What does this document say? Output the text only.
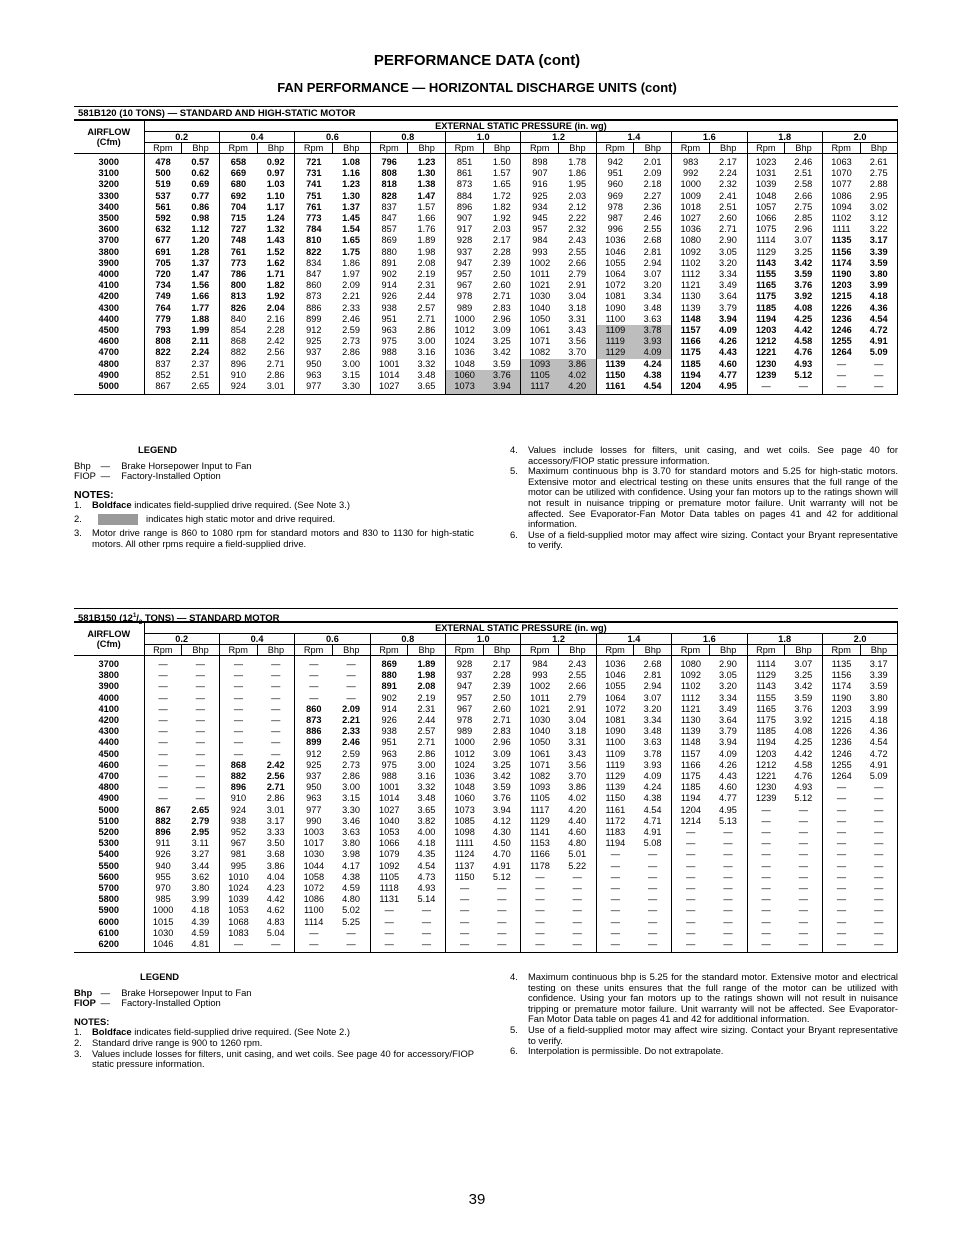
PERFORMANCE DATA (cont)
FAN PERFORMANCE — HORIZONTAL DISCHARGE UNITS (cont)
581B120 (10 TONS) — STANDARD AND HIGH-STATIC MOTOR
AIRFLOW
(Cfm)	EXTERNAL STATIC PRESSURE (in. wg)																			
	0.2		0.4		0.6		0.8		1.0		1.2		1.4		1.6		1.8		2.0	
	Rpm	Bhp	Rpm	Bhp	Rpm	Bhp	Rpm	Bhp	Rpm	Bhp	Rpm	Bhp	Rpm	Bhp	Rpm	Bhp	Rpm	Bhp	Rpm	Bhp
3000	478	0.57	658	0.92	721	1.08	796	1.23	851	1.50	898	1.78	942	2.01	983	2.17	1023	2.46	1063	2.61
3100	500	0.62	669	0.97	731	1.16	808	1.30	861	1.57	907	1.86	951	2.09	992	2.24	1031	2.51	1070	2.75
3200	519	0.69	680	1.03	741	1.23	818	1.38	873	1.65	916	1.95	960	2.18	1000	2.32	1039	2.58	1077	2.88
3300	537	0.77	692	1.10	751	1.30	828	1.47	884	1.72	925	2.03	969	2.27	1009	2.41	1048	2.66	1086	2.95
3400	561	0.86	704	1.17	761	1.37	837	1.57	896	1.82	934	2.12	978	2.36	1018	2.51	1057	2.75	1094	3.02
3500	592	0.98	715	1.24	773	1.45	847	1.66	907	1.92	945	2.22	987	2.46	1027	2.60	1066	2.85	1102	3.12
3600	632	1.12	727	1.32	784	1.54	857	1.76	917	2.03	957	2.32	996	2.55	1036	2.71	1075	2.96	1111	3.22
3700	677	1.20	748	1.43	810	1.65	869	1.89	928	2.17	984	2.43	1036	2.68	1080	2.90	1114	3.07	1135	3.17
3800	691	1.28	761	1.52	822	1.75	880	1.98	937	2.28	993	2.55	1046	2.81	1092	3.05	1129	3.25	1156	3.39
3900	705	1.37	773	1.62	834	1.86	891	2.08	947	2.39	1002	2.66	1055	2.94	1102	3.20	1143	3.42	1174	3.59
4000	720	1.47	786	1.71	847	1.97	902	2.19	957	2.50	1011	2.79	1064	3.07	1112	3.34	1155	3.59	1190	3.80
4100	734	1.56	800	1.82	860	2.09	914	2.31	967	2.60	1021	2.91	1072	3.20	1121	3.49	1165	3.76	1203	3.99
4200	749	1.66	813	1.92	873	2.21	926	2.44	978	2.71	1030	3.04	1081	3.34	1130	3.64	1175	3.92	1215	4.18
4300	764	1.77	826	2.04	886	2.33	938	2.57	989	2.83	1040	3.18	1090	3.48	1139	3.79	1185	4.08	1226	4.36
4400	779	1.88	840	2.16	899	2.46	951	2.71	1000	2.96	1050	3.31	1100	3.63	1148	3.94	1194	4.25	1236	4.54
4500	793	1.99	854	2.28	912	2.59	963	2.86	1012	3.09	1061	3.43	1109	3.78	1157	4.09	1203	4.42	1246	4.72
4600	808	2.11	868	2.42	925	2.73	975	3.00	1024	3.25	1071	3.56	1119	3.93	1166	4.26	1212	4.58	1255	4.91
4700	822	2.24	882	2.56	937	2.86	988	3.16	1036	3.42	1082	3.70	1129	4.09	1175	4.43	1221	4.76	1264	5.09
4800	837	2.37	896	2.71	950	3.00	1001	3.32	1048	3.59	1093	3.86	1139	4.24	1185	4.60	1230	4.93	—	—
4900	852	2.51	910	2.86	963	3.15	1014	3.48	1060	3.76	1105	4.02	1150	4.38	1194	4.77	1239	5.12	—	—
5000	867	2.65	924	3.01	977	3.30	1027	3.65	1073	3.94	1117	4.20	1161	4.54	1204	4.95	—	—	—	—
LEGEND
Bhp — Brake Horsepower Input to Fan
FIOP — Factory-Installed Option
NOTES:
1.	Boldface indicates field-supplied drive required. (See Note 3.)
2.	indicates high static motor and drive required.
3.	Motor drive range is 860 to 1080 rpm for standard motors and 830 to 1130 for high-static motors. All other rpms require a field-supplied drive.
4.	Values include losses for filters, unit casing, and wet coils. See page 40 for accessory/FIOP static pressure information.
5.	Maximum continuous bhp is 3.70 for standard motors and 5.25 for high-static motors. Extensive motor and electrical testing on these units ensures that the full range of the motor can be utilized with confidence. Using your fan motors up to the ratings shown will not result in nuisance tripping or premature motor failure. Unit warranty will not be affected. See Evaporator-Fan Motor Data tables on pages 41 and 42 for additional information.
6.	Use of a field-supplied motor may affect wire sizing. Contact your Bryant representative to verify.
581B150 ($12^1/_2$ TONS) — STANDARD MOTOR
AIRFLOW
(Cfm)	EXTERNAL STATIC PRESSURE (in. wg)																			
	0.2		0.4		0.6		0.8		1.0		1.2		1.4		1.6		1.8		2.0	
	Rpm	Bhp	Rpm	Bhp	Rpm	Bhp	Rpm	Bhp	Rpm	Bhp	Rpm	Bhp	Rpm	Bhp	Rpm	Bhp	Rpm	Bhp	Rpm	Bhp
3700	—	—	—	—	—	—	869	1.89	928	2.17	984	2.43	1036	2.68	1080	2.90	1114	3.07	1135	3.17
3800	—	—	—	—	—	—	880	1.98	937	2.28	993	2.55	1046	2.81	1092	3.05	1129	3.25	1156	3.39
3900	—	—	—	—	—	—	891	2.08	947	2.39	1002	2.66	1055	2.94	1102	3.20	1143	3.42	1174	3.59
4000	—	—	—	—	—	—	902	2.19	957	2.50	1011	2.79	1064	3.07	1112	3.34	1155	3.59	1190	3.80
4100	—	—	—	—	860	2.09	914	2.31	967	2.60	1021	2.91	1072	3.20	1121	3.49	1165	3.76	1203	3.99
4200	—	—	—	—	873	2.21	926	2.44	978	2.71	1030	3.04	1081	3.34	1130	3.64	1175	3.92	1215	4.18
4300	—	—	—	—	886	2.33	938	2.57	989	2.83	1040	3.18	1090	3.48	1139	3.79	1185	4.08	1226	4.36
4400	—	—	—	—	899	2.46	951	2.71	1000	2.96	1050	3.31	1100	3.63	1148	3.94	1194	4.25	1236	4.54
4500	—	—	—	—	912	2.59	963	2.86	1012	3.09	1061	3.43	1109	3.78	1157	4.09	1203	4.42	1246	4.72
4600	—	—	868	2.42	925	2.73	975	3.00	1024	3.25	1071	3.56	1119	3.93	1166	4.26	1212	4.58	1255	4.91
4700	—	—	882	2.56	937	2.86	988	3.16	1036	3.42	1082	3.70	1129	4.09	1175	4.43	1221	4.76	1264	5.09
4800	—	—	896	2.71	950	3.00	1001	3.32	1048	3.59	1093	3.86	1139	4.24	1185	4.60	1230	4.93	—	—
4900	—	—	910	2.86	963	3.15	1014	3.48	1060	3.76	1105	4.02	1150	4.38	1194	4.77	1239	5.12	—	—
5000	867	2.65	924	3.01	977	3.30	1027	3.65	1073	3.94	1117	4.20	1161	4.54	1204	4.95	—	—	—	—
5100	882	2.79	938	3.17	990	3.46	1040	3.82	1085	4.12	1129	4.40	1172	4.71	1214	5.13	—	—	—	—
5200	896	2.95	952	3.33	1003	3.63	1053	4.00	1098	4.30	1141	4.60	1183	4.91	—	—	—	—	—	—
5300	911	3.11	967	3.50	1017	3.80	1066	4.18	1111	4.50	1153	4.80	1194	5.08	—	—	—	—	—	—
5400	926	3.27	981	3.68	1030	3.98	1079	4.35	1124	4.70	1166	5.01	—	—	—	—	—	—	—	—
5500	940	3.44	995	3.86	1044	4.17	1092	4.54	1137	4.91	1178	5.22	—	—	—	—	—	—	—	—
5600	955	3.62	1010	4.04	1058	4.38	1105	4.73	1150	5.12	—	—	—	—	—	—	—	—	—	—
5700	970	3.80	1024	4.23	1072	4.59	1118	4.93	—	—	—	—	—	—	—	—	—	—	—	—
5800	985	3.99	1039	4.42	1086	4.80	1131	5.14	—	—	—	—	—	—	—	—	—	—	—	—
5900	1000	4.18	1053	4.62	1100	5.02	—	—	—	—	—	—	—	—	—	—	—	—	—	—
6000	1015	4.39	1068	4.83	1114	5.25	—	—	—	—	—	—	—	—	—	—	—	—	—	—
6100	1030	4.59	1083	5.04	—	—	—	—	—	—	—	—	—	—	—	—	—	—	—	—
6200	1046	4.81	—	—	—	—	—	—	—	—	—	—	—	—	—	—	—	—	—	—
LEGEND
Bhp — Brake Horsepower Input to Fan
FIOP — Factory-Installed Option
NOTES:
1.	Boldface indicates field-supplied drive required. (See Note 2.)
2.	Standard drive range is 900 to 1260 rpm.
3.	Values include losses for filters, unit casing, and wet coils. See page 40 for accessory/FIOP static pressure information.
4.	Maximum continuous bhp is 5.25 for the standard motor. Extensive motor and electrical testing on these units ensures that the full range of the motor can be utilized with confidence. Using your fan motors up to the ratings shown will not result in nuisance tripping or premature motor failure. Unit warranty will not be affected. See Evaporator-Fan Motor Data table on pages 41 and 42 for additional information.
5.	Use of a field-supplied motor may affect wire sizing. Contact your Bryant representative to verify.
6.	Interpolation is permissible. Do not extrapolate.
39
